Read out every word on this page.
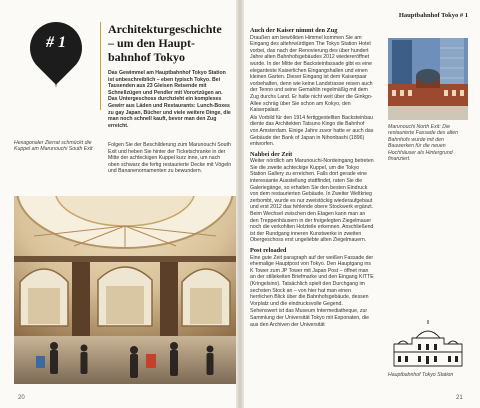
# 1
Architekturgeschichte – um den Hauptbahnhof Tokyo
Das Gewimmel am Hauptbahnhof Tokyo Station ist unbeschreiblich – eben typisch Tokyo. Bei Tausenden aus 23 Gleisen Reisende mit Schnellzügen und Pendler mit Vorortzügen an. Das Untergeschoss durchzieht ein komplexes Gewirr aus Läden und Restaurants: Lunch-Boxes zu gay Japan, Bücher und viele weitere Dinge, die man noch schnell kauft, bevor man den Zug erreicht.
Hexagonaler Zierrat schmückt die Kuppel am Marunouchi South Exit
Folgen Sie der Beschilderung zum Marunouchi South Exit und heben Sie hinter der Ticketschranke in der Mitte der achteckigen Kuppel kurz inne, um nach oben schwarz die fertig restaurierte Decke mit Vögeln und Bananenornamenten zu bewundern.
20
Hauptbahnhof Tokyo # 1
Auch der Kaiser nimmt den Zug
Draußen am bewölkten Himmel kommen Sie am Eingang des altehrwürdigen The Tokyo Station Hotel vorbei, das nach der Renovierung des über hundert Jahre alten Bahnhofsgebäudes 2012 wiedereröffnet wurde. In der Mitte der Backsteinfassade gibt es eine eleganteste Kaiserlichen Eingangshallen und einen kleinen Garten. Dieser Eingang ist dem Kaiserpaar vorbehalten, denn wie keine Landstrasse reisen auch der Tenno und seine Gemahlin regelmäßig mit dem Zug durchs Land. Er halte nicht weit über die Ginkgo-Allee schräg über Sie schon am Kokyo, den Kaiserpalast.
Als Vorbild für den 1914 fertiggestellten Backsteinbau diente das Architekten Tatsuno Kingo die Bahnhof von Amsterdam. Einige Jahre zuvor hatte er auch das Gebäude der Bank of Japan in Nihonbashi (1896) entworfen.
Nahbei der Zeit
Weiter nördlich am Marunouchi-Nordeingang betreten Sie die zweite achteckige Kuppel, um die Tokyo Station Gallery zu erreichen. Falls dort gerade eine interessante Ausstellung stattfindet, raten Sie die Galeriegänge, so erhalten Sie den besten Eindruck von dem restaurierten Gebäude. In Zweiter Weltkrieg zerbombt, wurde es nur zweistöckig wiederaufgebaut und erst 2012 das fehlende obere Stockwerk ergänzt. Beim Wechsel zwischen den Etagen kann man an den Treppenhäusern in der freigelegten Ziegelmauer noch die verkohlten Holzteile erkennen. Anschließend ist der Rundgang inneren Kunstwerke in zweiten Obergeschoss erst ungeliebte alten Ziegelmauern.
Post reloaded
Eine gute Zeit paragraph auf der weißen Fassade der ehemalige Hauptpost von Tokyo. Den Hauptgang ins K Tower zum JP Tower mit Japan Post – öffnet man an der stillekeiten Briefmarke und den Eingang KITTE (Kringelsinn). Tatsächlich spielt den Durchgang im sechsten Stock an – von hier hat man einen herrlichen Blick über die Bahnhofsgebäude, dessen Vorplatz und die eindrucksvolle Gegend.
Sehenswert ist das Museum Intermediatheque, zur Sammlung der Universität Tokyo mit Exponaten, die aus den Archiven der Universität
Marunouchi North Exit: Die restaurierte Fassade des alten Bahnhofs wurde mit den Bauwerken für die neuen Hochhäuser als Hintergrund finanziert.
Hauptbahnhof Tokyo Station
21
